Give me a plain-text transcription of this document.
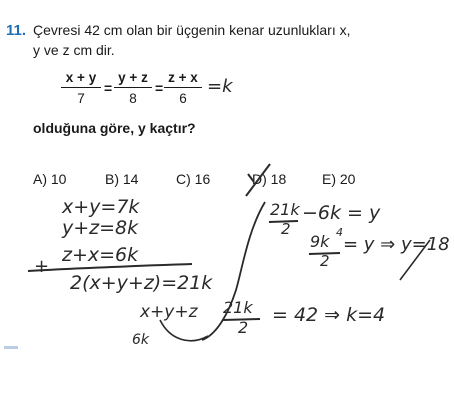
11. Çevresi 42 cm olan bir üçgenin kenar uzunlukları x,
y ve z cm dir.
x + y
7
=
y + z
8
=
z + x
6
=k
olduğuna göre, y kaçtır?
A) 10	B) 14	C) 16	D) 18	E) 20
x+y=7k
y+z=8k
+
z+x=6k
2(x+y+z)=21k
x+y+z 21k
2
= 42 ⇒ k=4
6k
21k
2
−6k = y
9k 4
2
= y ⇒ y=18
